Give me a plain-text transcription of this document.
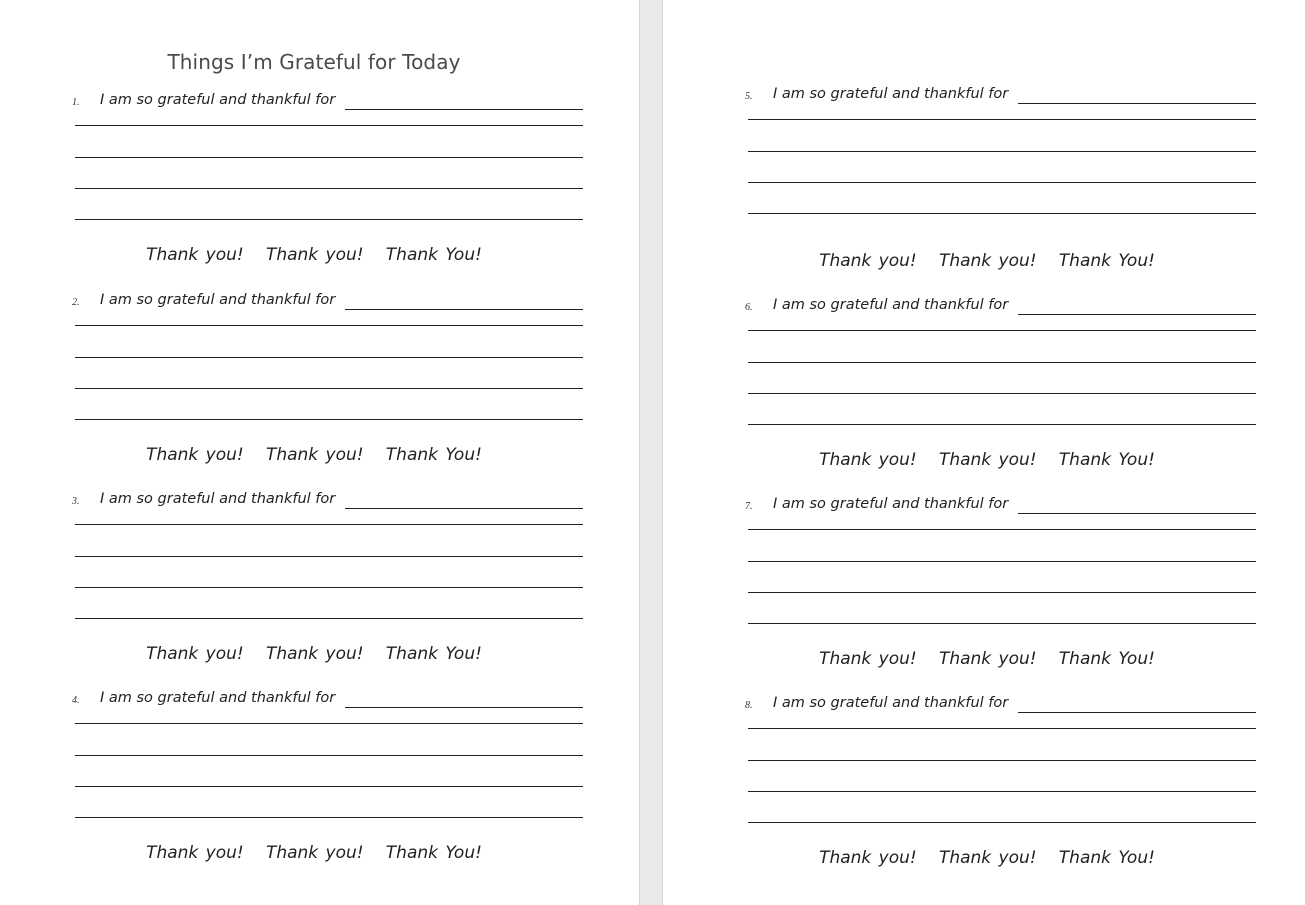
Things I’m Grateful for Today
1. I am so grateful and thankful for
Thank you!   Thank you!   Thank You!
2. I am so grateful and thankful for
Thank you!   Thank you!   Thank You!
3. I am so grateful and thankful for
Thank you!   Thank you!   Thank You!
4. I am so grateful and thankful for
Thank you!   Thank you!   Thank You!
5. I am so grateful and thankful for
Thank you!   Thank you!   Thank You!
6. I am so grateful and thankful for
Thank you!   Thank you!   Thank You!
7. I am so grateful and thankful for
Thank you!   Thank you!   Thank You!
8. I am so grateful and thankful for
Thank you!   Thank you!   Thank You!
